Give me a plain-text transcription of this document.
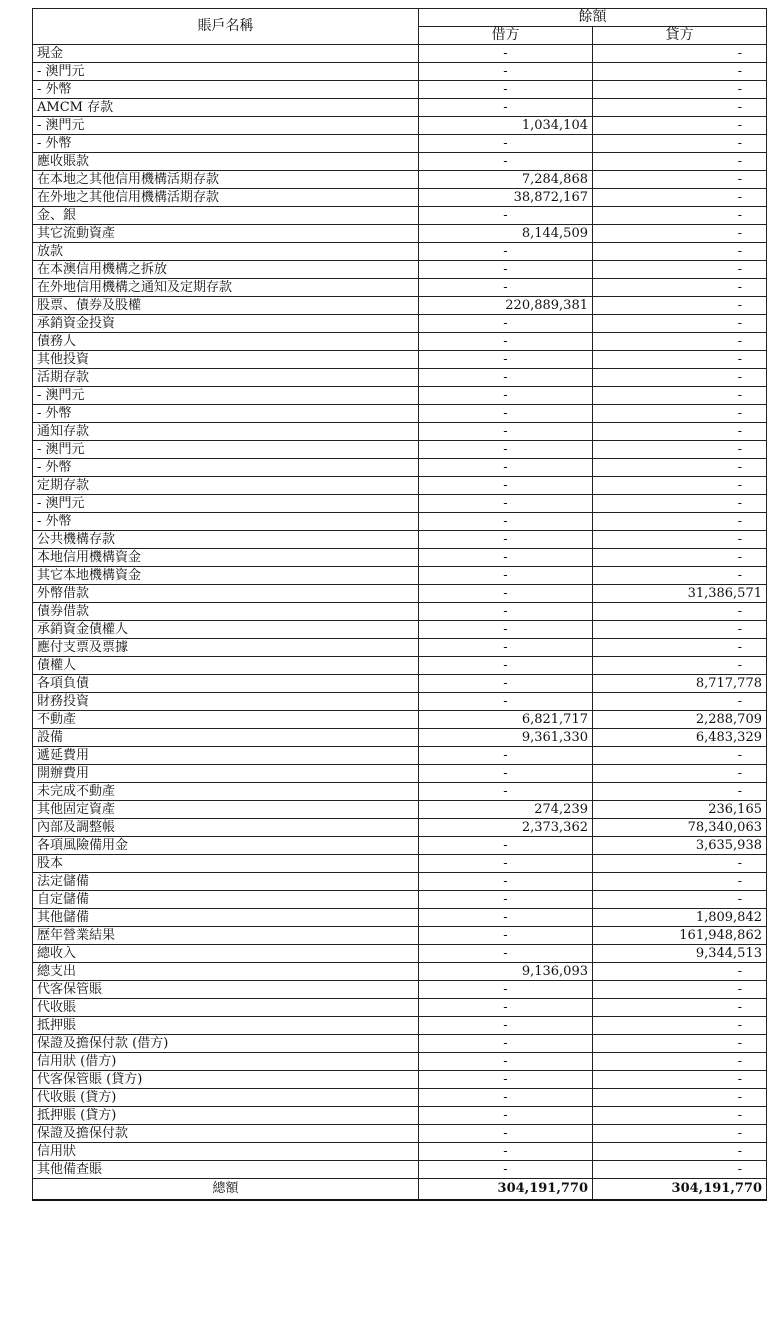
賬戶名稱	餘額	
	借方	貸方
現金	-	-
- 澳門元	-	-
- 外幣	-	-
AMCM 存款	-	-
- 澳門元	1,034,104	-
- 外幣	-	-
應收賬款	-	-
在本地之其他信用機構活期存款	7,284,868	-
在外地之其他信用機構活期存款	38,872,167	-
金、銀	-	-
其它流動資產	8,144,509	-
放款	-	-
在本澳信用機構之拆放	-	-
在外地信用機構之通知及定期存款	-	-
股票、債券及股權	220,889,381	-
承銷資金投資	-	-
債務人	-	-
其他投資	-	-
活期存款	-	-
- 澳門元	-	-
- 外幣	-	-
通知存款	-	-
- 澳門元	-	-
- 外幣	-	-
定期存款	-	-
- 澳門元	-	-
- 外幣	-	-
公共機構存款	-	-
本地信用機構資金	-	-
其它本地機構資金	-	-
外幣借款	-	31,386,571
債券借款	-	-
承銷資金債權人	-	-
應付支票及票據	-	-
債權人	-	-
各項負債	-	8,717,778
財務投資	-	-
不動產	6,821,717	2,288,709
設備	9,361,330	6,483,329
遞延費用	-	-
開辦費用	-	-
未完成不動產	-	-
其他固定資產	274,239	236,165
內部及調整帳	2,373,362	78,340,063
各項風險備用金	-	3,635,938
股本	-	-
法定儲備	-	-
自定儲備	-	-
其他儲備	-	1,809,842
歷年營業結果	-	161,948,862
總收入	-	9,344,513
總支出	9,136,093	-
代客保管賬	-	-
代收賬	-	-
抵押賬	-	-
保證及擔保付款 (借方)	-	-
信用狀 (借方)	-	-
代客保管賬 (貸方)	-	-
代收賬 (貸方)	-	-
抵押賬 (貸方)	-	-
保證及擔保付款	-	-
信用狀	-	-
其他備查賬	-	-
總額	304,191,770	304,191,770
